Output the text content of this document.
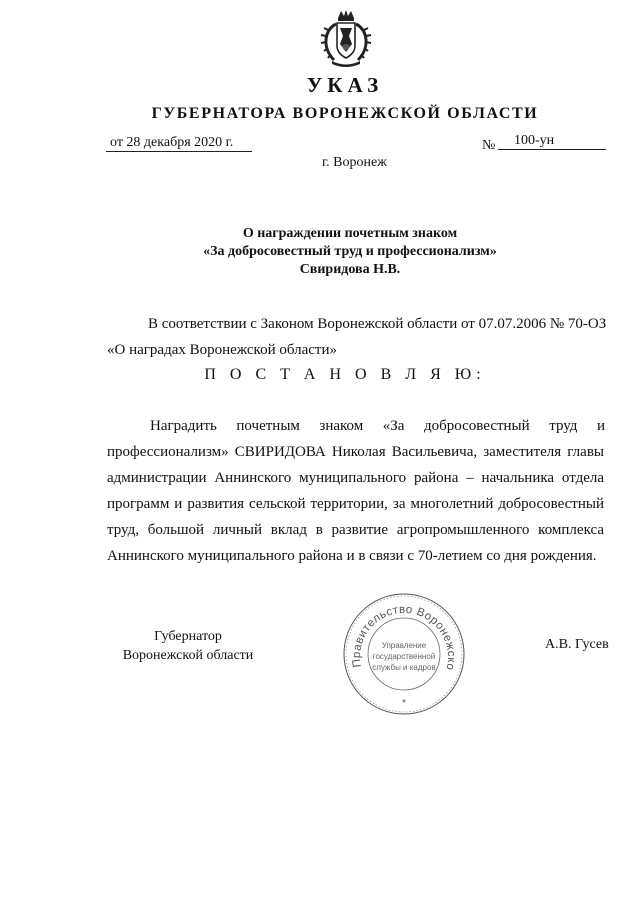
УКАЗ
ГУБЕРНАТОРА ВОРОНЕЖСКОЙ ОБЛАСТИ
от 28 декабря 2020 г.	№	100-ун
г. Воронеж
О награждении почетным знаком
«За добросовестный труд и профессионализм»
Свиридова Н.В.
В соответствии с Законом Воронежской области от 07.07.2006 № 70-ОЗ
«О наградах Воронежской области»
П О С Т А Н О В Л Я Ю:
Наградить почетным знаком «За добросовестный труд и
профессионализм» СВИРИДОВА Николая Васильевича, заместителя главы
администрации Аннинского муниципального района – начальника отдела
программ и развития сельской территории, за многолетний добросовестный
труд, большой личный вклад в развитие агропромышленного комплекса
Аннинского муниципального района и в связи с 70-летием со дня рождения.
Губернатор
Воронежской области	Правительство Воронежско
Управление
государственной
службы и кадров
*
А.В. Гусев
